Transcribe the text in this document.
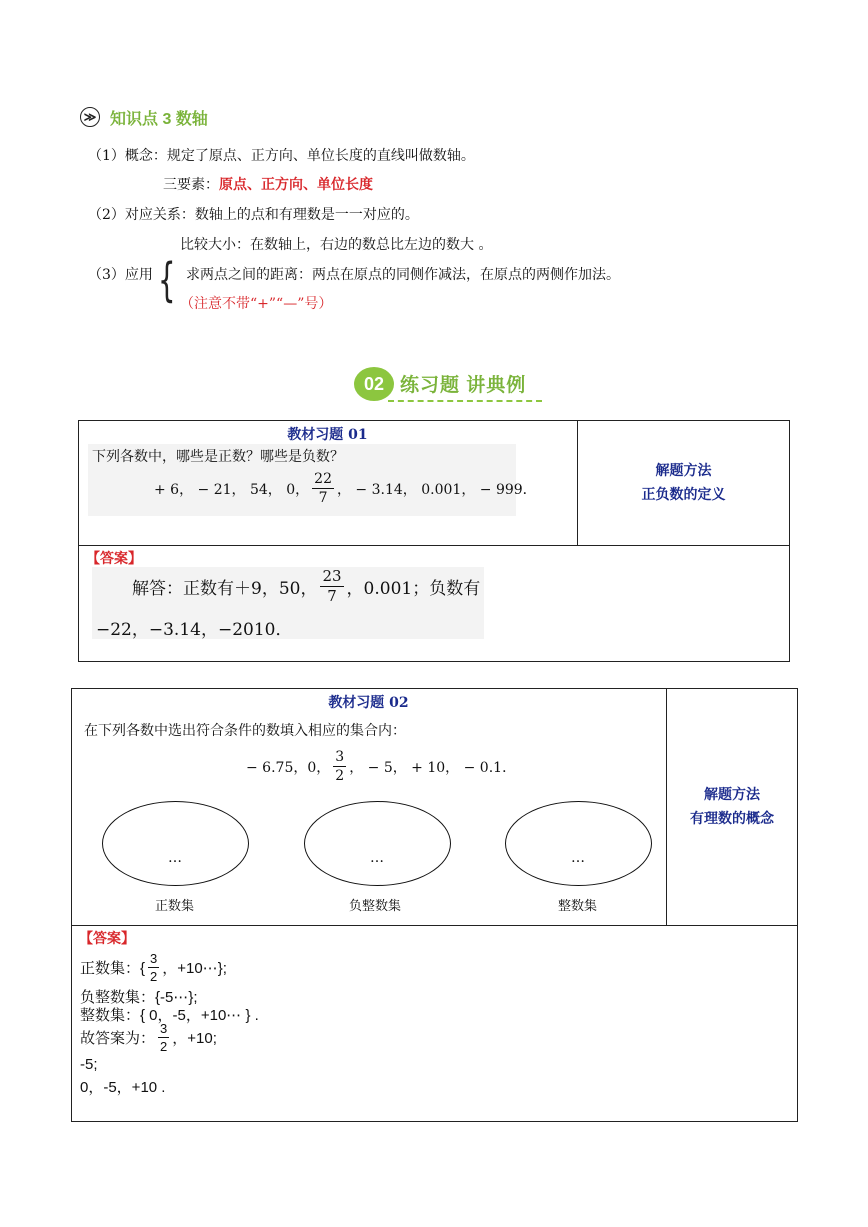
≫ 知识点 3 数轴
（1）概念：规定了原点、正方向、单位长度的直线叫做数轴。
三要素：原点、正方向、单位长度
（2）对应关系：数轴上的点和有理数是一一对应的。
比较大小：在数轴上，右边的数总比左边的数大 。
（3）应用 { 求两点之间的距离：两点在原点的同侧作减法，在原点的两侧作加法。
（注意不带“+”“—”号）
02 练习题 讲典例
教材习题 01
下列各数中，哪些是正数？哪些是负数？
+ 6， − 21， 54， 0， $\frac{22}{7}$ ， − 3.14， 0.001， − 999．
解题方法
正负数的定义
【答案】
解答：正数有＋9，50， $\frac{23}{7}$ ，0.001；负数有
−22，−3.14，−2010．
教材习题 02
在下列各数中选出符合条件的数填入相应的集合内：
− 6.75，0， $\frac{3}{2}$ ， − 5， + 10， − 0.1．
…	…	…
正数集	负整数集	整数集
解题方法
有理数的概念
【答案】
正数集：{ $\frac{3}{2}$ ，+10⋯};
负整数集：{-5⋯};
整数集：{ 0，-5，+10⋯ } .
故答案为： $\frac{3}{2}$ ，+10;
-5;
0，-5，+10 .
